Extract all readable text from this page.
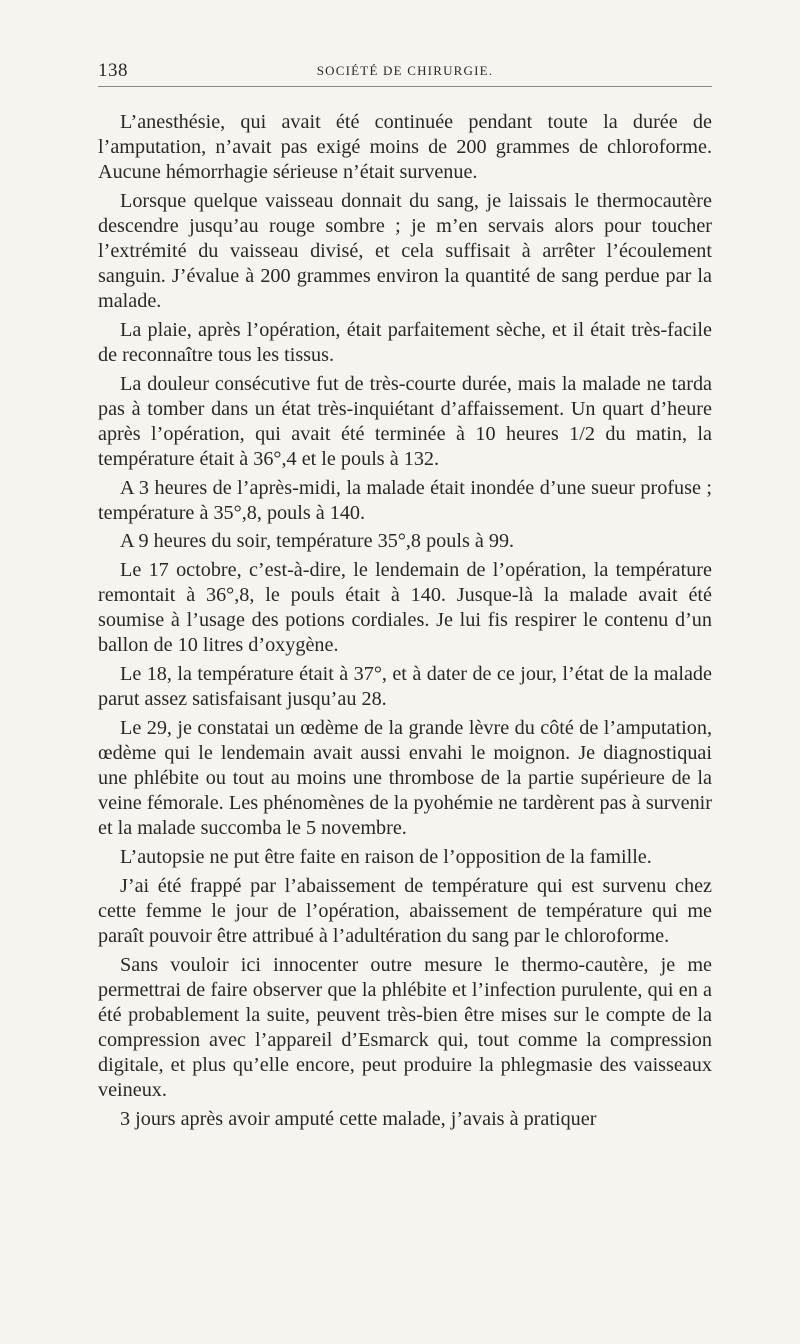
138	SOCIÉTÉ DE CHIRURGIE.

L’anesthésie, qui avait été continuée pendant toute la durée de l’amputation, n’avait pas exigé moins de 200 grammes de chloroforme. Aucune hémorrhagie sérieuse n’était survenue.

Lorsque quelque vaisseau donnait du sang, je laissais le thermocautère descendre jusqu’au rouge sombre ; je m’en servais alors pour toucher l’extrémité du vaisseau divisé, et cela suffisait à arrêter l’écoulement sanguin. J’évalue à 200 grammes environ la quantité de sang perdue par la malade.

La plaie, après l’opération, était parfaitement sèche, et il était très-facile de reconnaître tous les tissus.

La douleur consécutive fut de très-courte durée, mais la malade ne tarda pas à tomber dans un état très-inquiétant d’affaissement. Un quart d’heure après l’opération, qui avait été terminée à 10 heures 1/2 du matin, la température était à 36°,4 et le pouls à 132.

A 3 heures de l’après-midi, la malade était inondée d’une sueur profuse ; température à 35°,8, pouls à 140.

A 9 heures du soir, température 35°,8 pouls à 99.

Le 17 octobre, c’est-à-dire, le lendemain de l’opération, la température remontait à 36°,8, le pouls était à 140. Jusque-là la malade avait été soumise à l’usage des potions cordiales. Je lui fis respirer le contenu d’un ballon de 10 litres d’oxygène.

Le 18, la température était à 37°, et à dater de ce jour, l’état de la malade parut assez satisfaisant jusqu’au 28.

Le 29, je constatai un œdème de la grande lèvre du côté de l’amputation, œdème qui le lendemain avait aussi envahi le moignon. Je diagnostiquai une phlébite ou tout au moins une thrombose de la partie supérieure de la veine fémorale. Les phénomènes de la pyohémie ne tardèrent pas à survenir et la malade succomba le 5 novembre.

L’autopsie ne put être faite en raison de l’opposition de la famille.

J’ai été frappé par l’abaissement de température qui est survenu chez cette femme le jour de l’opération, abaissement de température qui me paraît pouvoir être attribué à l’adultération du sang par le chloroforme.

Sans vouloir ici innocenter outre mesure le thermo-cautère, je me permettrai de faire observer que la phlébite et l’infection purulente, qui en a été probablement la suite, peuvent très-bien être mises sur le compte de la compression avec l’appareil d’Esmarck qui, tout comme la compression digitale, et plus qu’elle encore, peut produire la phlegmasie des vaisseaux veineux.

3 jours après avoir amputé cette malade, j’avais à pratiquer
